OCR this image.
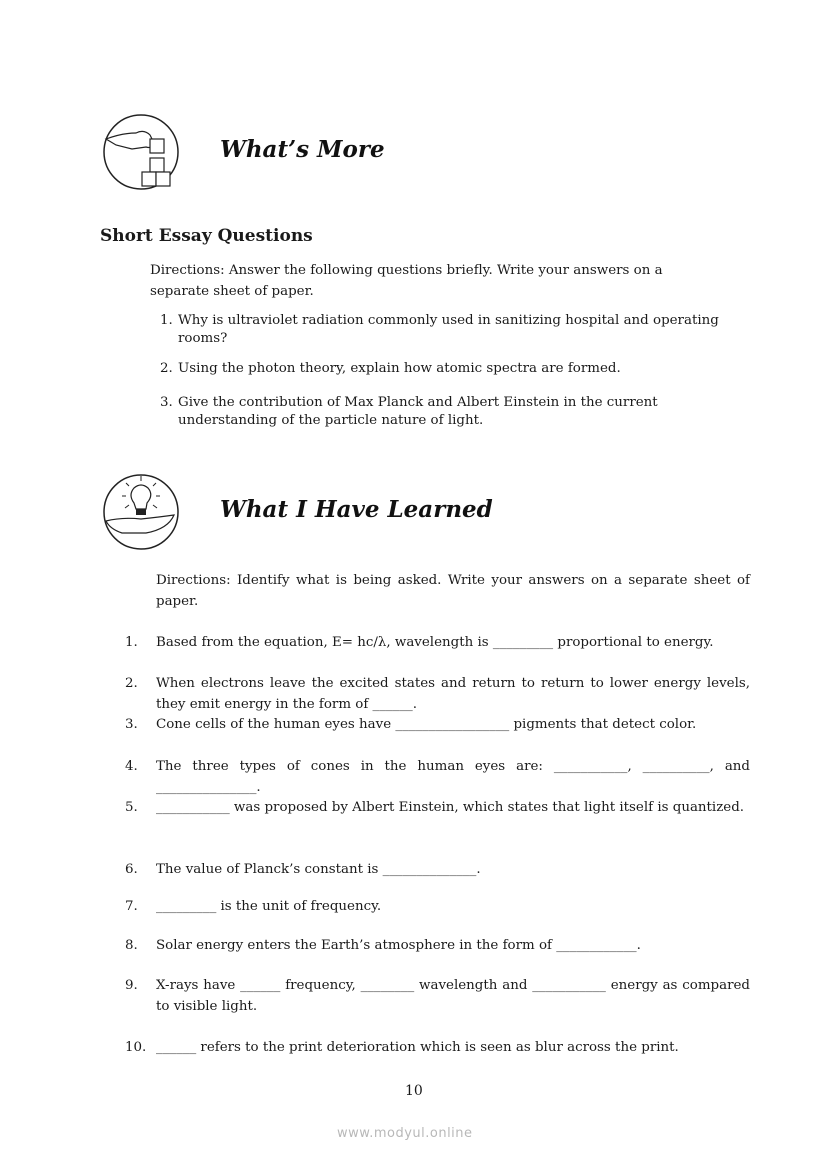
What’s More
Short Essay Questions
Directions: Answer the following questions briefly. Write your answers on a separate sheet of paper.
1. Why is ultraviolet radiation commonly used in sanitizing hospital and operating rooms?
2. Using the photon theory, explain how atomic spectra are formed.
3. Give the contribution of Max Planck and Albert Einstein in the current understanding of the particle nature of light.
What I Have Learned
Directions: Identify what is being asked. Write your answers on a separate sheet of paper.
1. Based from the equation, E= hc/λ, wavelength is _________ proportional to energy.
2. When electrons leave the excited states and return to return to lower energy levels, they emit energy in the form of ______.
3. Cone cells of the human eyes have _________________ pigments that detect color.
4. The three types of cones in the human eyes are: ___________, __________, and _______________.
5. ___________ was proposed by Albert Einstein, which states that light itself is quantized.
6. The value of Planck’s constant is ______________.
7. _________ is the unit of frequency.
8. Solar energy enters the Earth’s atmosphere in the form of ____________.
9. X-rays have ______ frequency, ________ wavelength and ___________ energy as compared to visible light.
10. ______ refers to the print deterioration which is seen as blur across the print.
10
www.modyul.online
